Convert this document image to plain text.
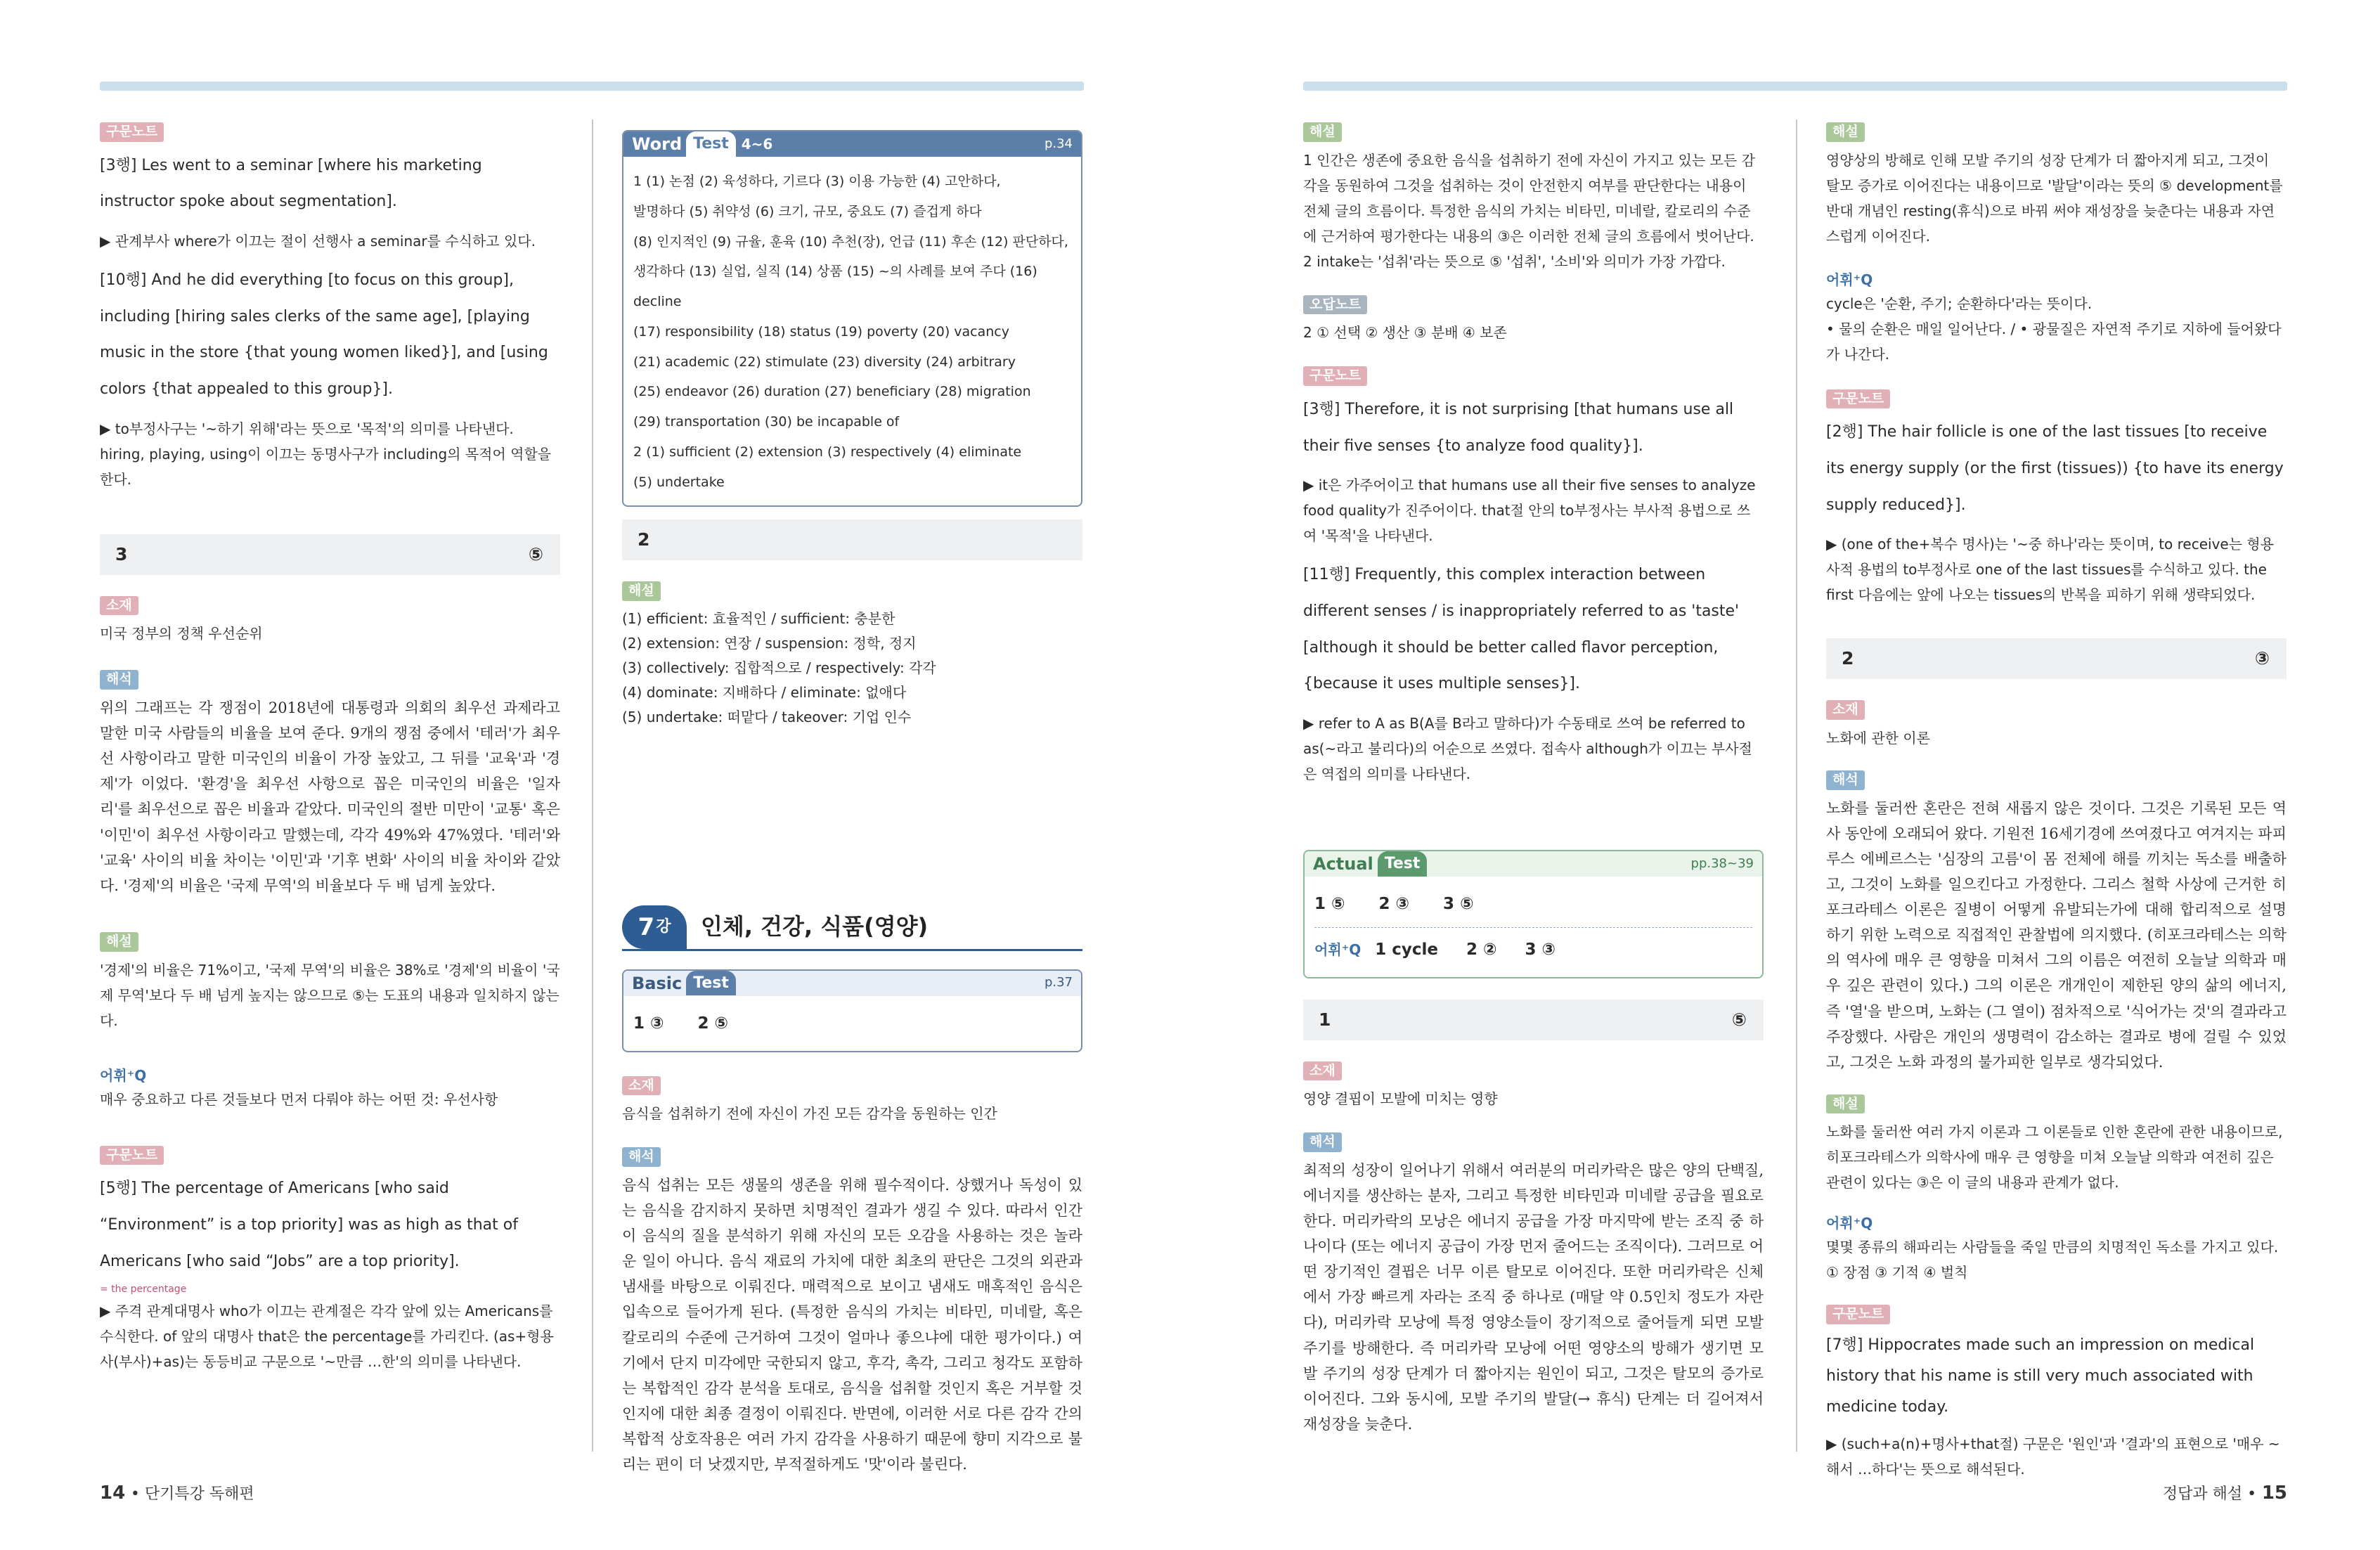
구문노트
[3행] Les went to a seminar [where his marketing instructor spoke about segmentation].
▶ 관계부사 where가 이끄는 절이 선행사 a seminar를 수식하고 있다.
[10행] And he did everything [to focus on this group], including [hiring sales clerks of the same age], [playing music in the store {that young women liked}], and [using colors {that appealed to this group}].
▶ to부정사구는 '~하기 위해'라는 뜻으로 '목적'의 의미를 나타낸다. hiring, playing, using이 이끄는 동명사구가 including의 목적어 역할을 한다.
3	⑤
소재
미국 정부의 정책 우선순위
해석
위의 그래프는 각 쟁점이 2018년에 대통령과 의회의 최우선 과제라고 말한 미국 사람들의 비율을 보여 준다. 9개의 쟁점 중에서 '테러'가 최우선 사항이라고 말한 미국인의 비율이 가장 높았고, 그 뒤를 '교육'과 '경제'가 이었다. '환경'을 최우선 사항으로 꼽은 미국인의 비율은 '일자리'를 최우선으로 꼽은 비율과 같았다. 미국인의 절반 미만이 '교통' 혹은 '이민'이 최우선 사항이라고 말했는데, 각각 49%와 47%였다. '테러'와 '교육' 사이의 비율 차이는 '이민'과 '기후 변화' 사이의 비율 차이와 같았다. '경제'의 비율은 '국제 무역'의 비율보다 두 배 넘게 높았다.
해설
'경제'의 비율은 71%이고, '국제 무역'의 비율은 38%로 '경제'의 비율이 '국제 무역'보다 두 배 넘게 높지는 않으므로 ⑤는 도표의 내용과 일치하지 않는다.
어휘⁺Q
매우 중요하고 다른 것들보다 먼저 다뤄야 하는 어떤 것: 우선사항
구문노트
[5행] The percentage of Americans [who said “Environment” is a top priority] was as high as that of Americans [who said “Jobs” are a top priority].
= the percentage
▶ 주격 관계대명사 who가 이끄는 관계절은 각각 앞에 있는 Americans를 수식한다. of 앞의 대명사 that은 the percentage를 가리킨다. (as+형용사(부사)+as)는 동등비교 구문으로 '~만큼 …한'의 의미를 나타낸다.
Word Test 4~6	p.34
1 (1) 논점 (2) 육성하다, 기르다 (3) 이용 가능한 (4) 고안하다,
발명하다 (5) 취약성 (6) 크기, 규모, 중요도 (7) 즐겁게 하다
(8) 인지적인 (9) 규율, 훈육 (10) 추천(장), 언급 (11) 후손 (12) 판단하다,
생각하다 (13) 실업, 실직 (14) 상품 (15) ~의 사례를 보여 주다 (16) decline
(17) responsibility (18) status (19) poverty (20) vacancy
(21) academic (22) stimulate (23) diversity (24) arbitrary
(25) endeavor (26) duration (27) beneficiary (28) migration
(29) transportation (30) be incapable of
2 (1) sufficient (2) extension (3) respectively (4) eliminate
(5) undertake
2
해설
(1) efficient: 효율적인 / sufficient: 충분한
(2) extension: 연장 / suspension: 정학, 정지
(3) collectively: 집합적으로 / respectively: 각각
(4) dominate: 지배하다 / eliminate: 없애다
(5) undertake: 떠맡다 / takeover: 기업 인수
7 강 인체, 건강, 식품(영양)
Basic Test	p.37
1 ③      2 ⑤
소재
음식을 섭취하기 전에 자신이 가진 모든 감각을 동원하는 인간
해석
음식 섭취는 모든 생물의 생존을 위해 필수적이다. 상했거나 독성이 있는 음식을 감지하지 못하면 치명적인 결과가 생길 수 있다. 따라서 인간이 음식의 질을 분석하기 위해 자신의 모든 오감을 사용하는 것은 놀라운 일이 아니다. 음식 재료의 가치에 대한 최초의 판단은 그것의 외관과 냄새를 바탕으로 이뤄진다. 매력적으로 보이고 냄새도 매혹적인 음식은 입속으로 들어가게 된다. (특정한 음식의 가치는 비타민, 미네랄, 혹은 칼로리의 수준에 근거하여 그것이 얼마나 좋으냐에 대한 평가이다.) 여기에서 단지 미각에만 국한되지 않고, 후각, 촉각, 그리고 청각도 포함하는 복합적인 감각 분석을 토대로, 음식을 섭취할 것인지 혹은 거부할 것인지에 대한 최종 결정이 이뤄진다. 반면에, 이러한 서로 다른 감각 간의 복합적 상호작용은 여러 가지 감각을 사용하기 때문에 향미 지각으로 불리는 편이 더 낫겠지만, 부적절하게도 '맛'이라 불린다.
해설
1 인간은 생존에 중요한 음식을 섭취하기 전에 자신이 가지고 있는 모든 감각을 동원하여 그것을 섭취하는 것이 안전한지 여부를 판단한다는 내용이 전체 글의 흐름이다. 특정한 음식의 가치는 비타민, 미네랄, 칼로리의 수준에 근거하여 평가한다는 내용의 ③은 이러한 전체 글의 흐름에서 벗어난다.
2 intake는 '섭취'라는 뜻으로 ⑤ '섭취', '소비'와 의미가 가장 가깝다.
오답노트
2 ① 선택 ② 생산 ③ 분배 ④ 보존
구문노트
[3행] Therefore, it is not surprising [that humans use all their five senses {to analyze food quality}].
▶ it은 가주어이고 that humans use all their five senses to analyze food quality가 진주어이다. that절 안의 to부정사는 부사적 용법으로 쓰여 '목적'을 나타낸다.
[11행] Frequently, this complex interaction between different senses / is inappropriately referred to as 'taste' [although it should be better called flavor perception, {because it uses multiple senses}].
▶ refer to A as B(A를 B라고 말하다)가 수동태로 쓰여 be referred to as(~라고 불리다)의 어순으로 쓰였다. 접속사 although가 이끄는 부사절은 역접의 의미를 나타낸다.
Actual Test	pp.38~39
1 ⑤      2 ③      3 ⑤
어휘⁺Q 1 cycle     2 ②     3 ③
1	⑤
소재
영양 결핍이 모발에 미치는 영향
해석
최적의 성장이 일어나기 위해서 여러분의 머리카락은 많은 양의 단백질, 에너지를 생산하는 분자, 그리고 특정한 비타민과 미네랄 공급을 필요로 한다. 머리카락의 모낭은 에너지 공급을 가장 마지막에 받는 조직 중 하나이다 (또는 에너지 공급이 가장 먼저 줄어드는 조직이다). 그러므로 어떤 장기적인 결핍은 너무 이른 탈모로 이어진다. 또한 머리카락은 신체에서 가장 빠르게 자라는 조직 중 하나로 (매달 약 0.5인치 정도가 자란다), 머리카락 모낭에 특정 영양소들이 장기적으로 줄어들게 되면 모발 주기를 방해한다. 즉 머리카락 모낭에 어떤 영양소의 방해가 생기면 모발 주기의 성장 단계가 더 짧아지는 원인이 되고, 그것은 탈모의 증가로 이어진다. 그와 동시에, 모발 주기의 발달(→ 휴식) 단계는 더 길어져서 재성장을 늦춘다.
해설
영양상의 방해로 인해 모발 주기의 성장 단계가 더 짧아지게 되고, 그것이 탈모 증가로 이어진다는 내용이므로 '발달'이라는 뜻의 ⑤ development를 반대 개념인 resting(휴식)으로 바꿔 써야 재성장을 늦춘다는 내용과 자연스럽게 이어진다.
어휘⁺Q
cycle은 '순환, 주기; 순환하다'라는 뜻이다.
• 물의 순환은 매일 일어난다. / • 광물질은 자연적 주기로 지하에 들어왔다가 나간다.
구문노트
[2행] The hair follicle is one of the last tissues [to receive its energy supply (or the first (tissues)) {to have its energy supply reduced}].
▶ (one of the+복수 명사)는 '~중 하나'라는 뜻이며, to receive는 형용사적 용법의 to부정사로 one of the last tissues를 수식하고 있다. the first 다음에는 앞에 나오는 tissues의 반복을 피하기 위해 생략되었다.
2	③
소재
노화에 관한 이론
해석
노화를 둘러싼 혼란은 전혀 새롭지 않은 것이다. 그것은 기록된 모든 역사 동안에 오래되어 왔다. 기원전 16세기경에 쓰여졌다고 여겨지는 파피루스 에베르스는 '심장의 고름'이 몸 전체에 해를 끼치는 독소를 배출하고, 그것이 노화를 일으킨다고 가정한다. 그리스 철학 사상에 근거한 히포크라테스 이론은 질병이 어떻게 유발되는가에 대해 합리적으로 설명하기 위한 노력으로 직접적인 관찰법에 의지했다. (히포크라테스는 의학의 역사에 매우 큰 영향을 미쳐서 그의 이름은 여전히 오늘날 의학과 매우 깊은 관련이 있다.) 그의 이론은 개개인이 제한된 양의 삶의 에너지, 즉 '열'을 받으며, 노화는 (그 열이) 점차적으로 '식어가는 것'의 결과라고 주장했다. 사람은 개인의 생명력이 감소하는 결과로 병에 걸릴 수 있었고, 그것은 노화 과정의 불가피한 일부로 생각되었다.
해설
노화를 둘러싼 여러 가지 이론과 그 이론들로 인한 혼란에 관한 내용이므로, 히포크라테스가 의학사에 매우 큰 영향을 미쳐 오늘날 의학과 여전히 깊은 관련이 있다는 ③은 이 글의 내용과 관계가 없다.
어휘⁺Q
몇몇 종류의 해파리는 사람들을 죽일 만큼의 치명적인 독소를 가지고 있다.
① 장점 ③ 기적 ④ 벌칙
구문노트
[7행] Hippocrates made such an impression on medical history that his name is still very much associated with medicine today.
▶ (such+a(n)+명사+that절) 구문은 '원인'과 '결과'의 표현으로 '매우 ~해서 …하다'는 뜻으로 해석된다.
14 • 단기특강 독해편	정답과 해설 • 15
